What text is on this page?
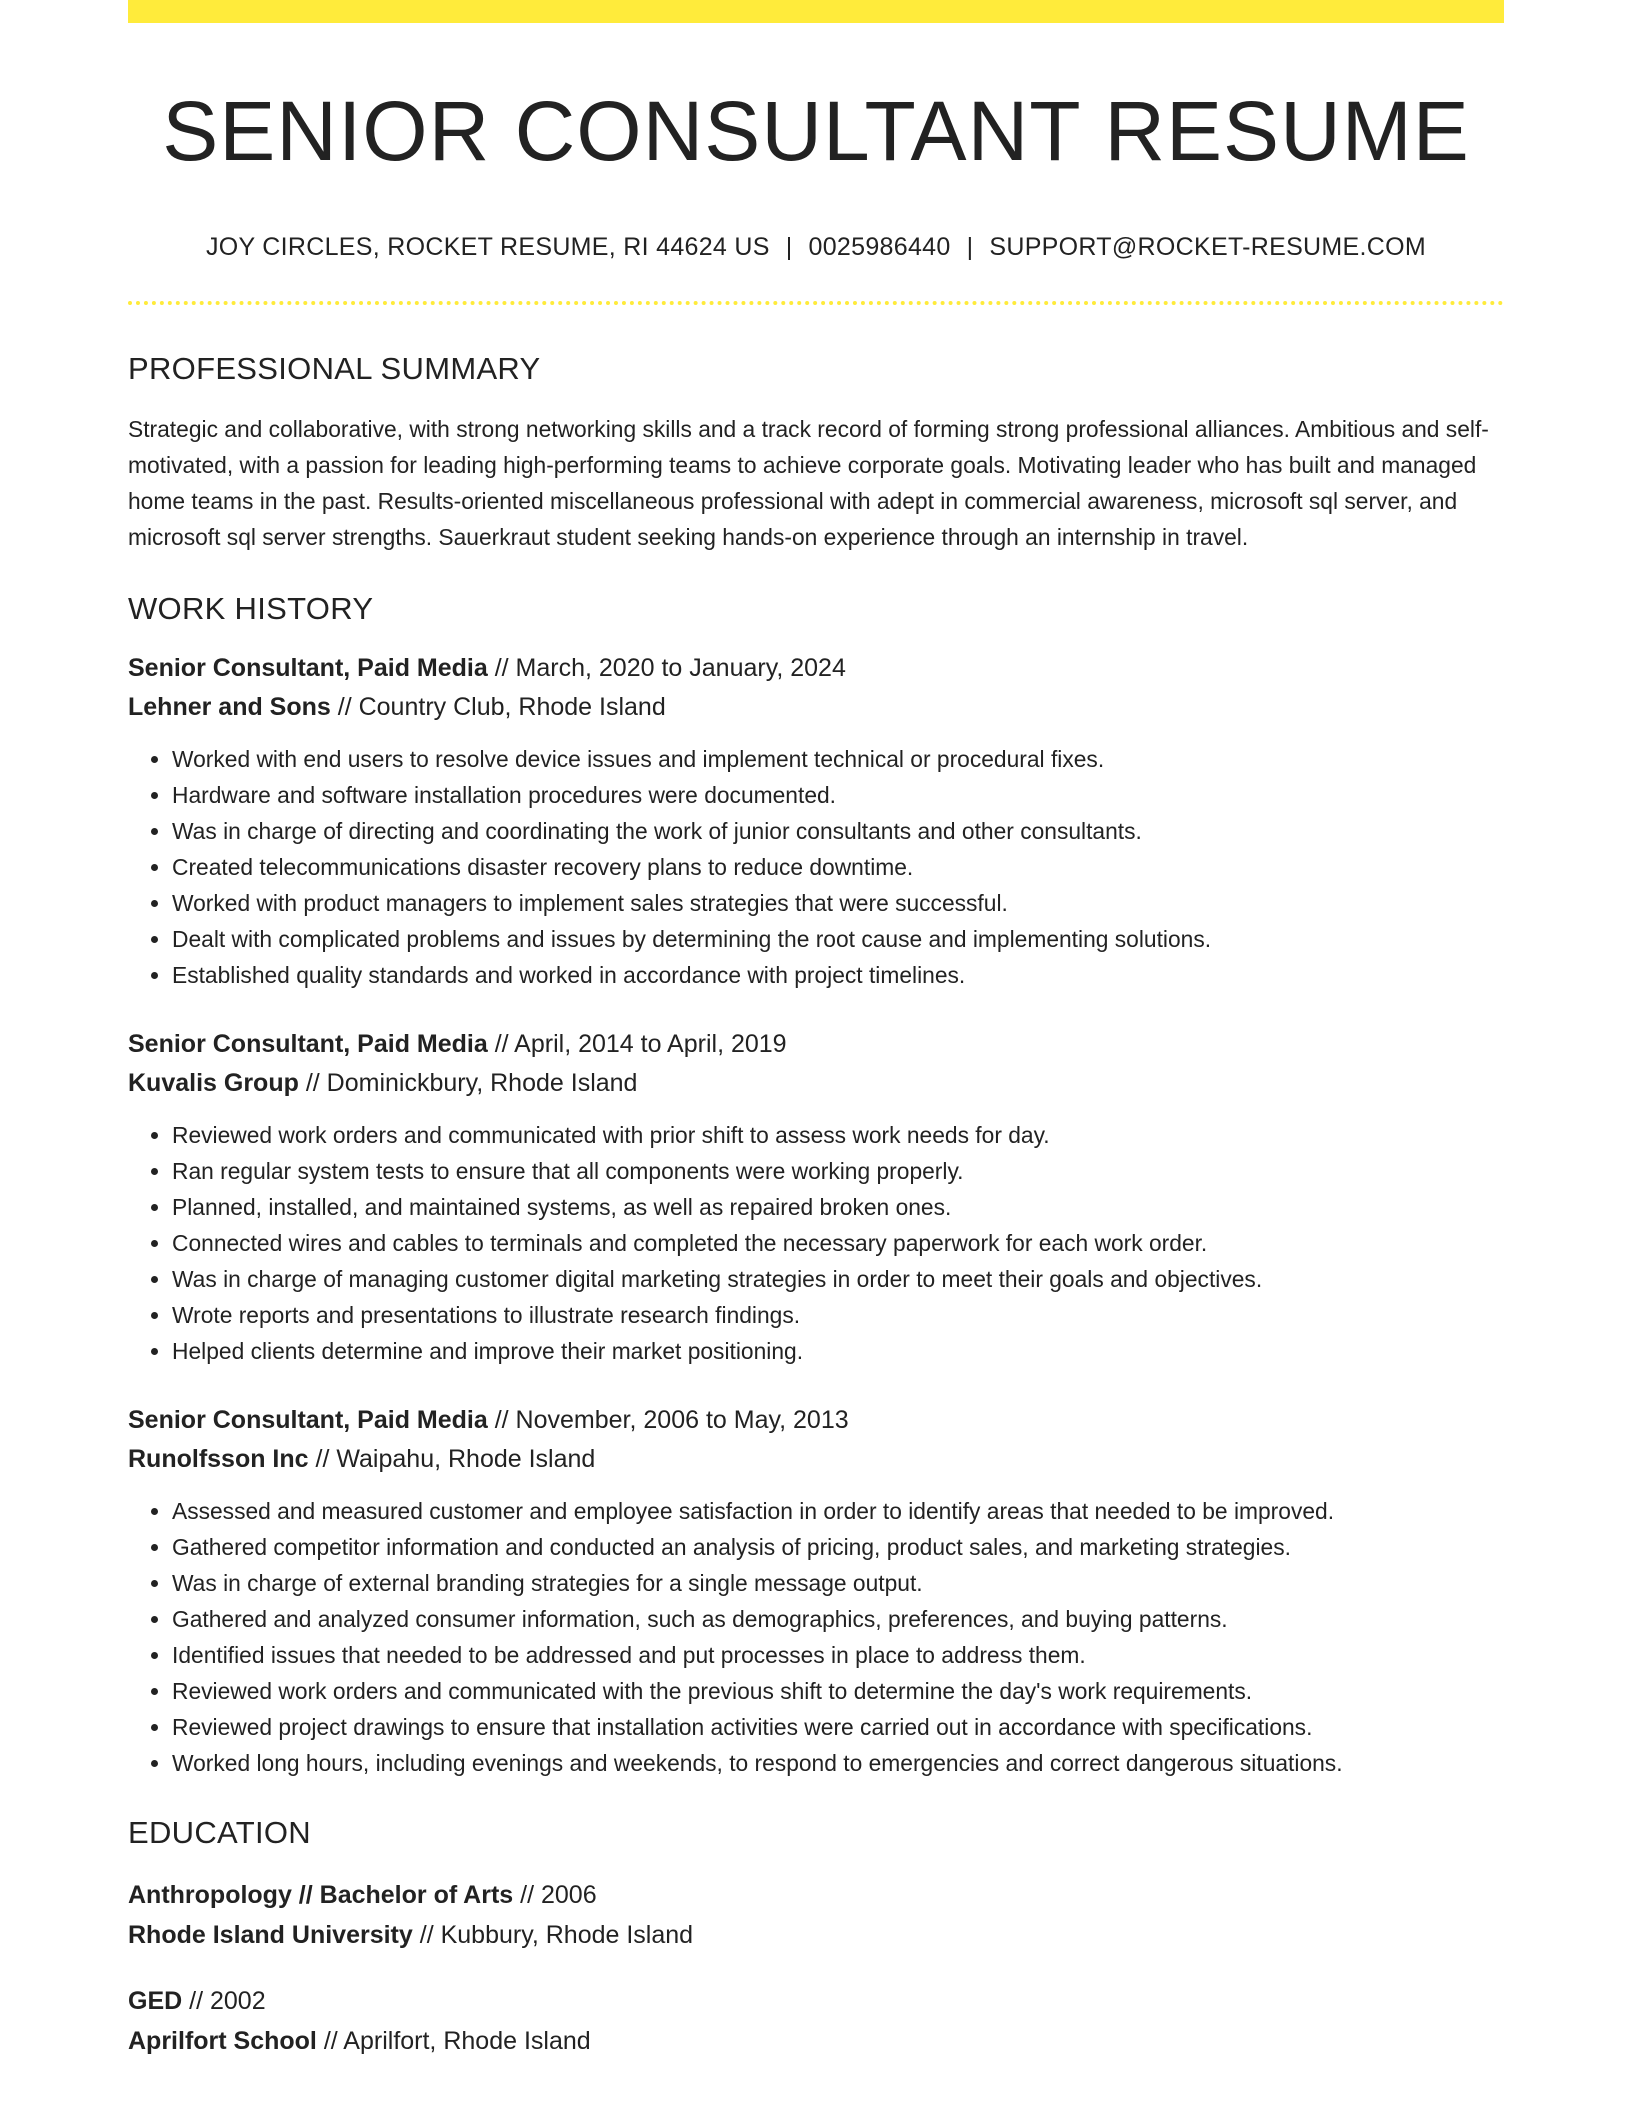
SENIOR CONSULTANT RESUME
JOY CIRCLES, ROCKET RESUME, RI 44624 US | 0025986440 | SUPPORT@ROCKET-RESUME.COM
PROFESSIONAL SUMMARY

Strategic and collaborative, with strong networking skills and a track record of forming strong professional alliances. Ambitious and self-motivated, with a passion for leading high-performing teams to achieve corporate goals. Motivating leader who has built and managed home teams in the past. Results-oriented miscellaneous professional with adept in commercial awareness, microsoft sql server, and microsoft sql server strengths. Sauerkraut student seeking hands-on experience through an internship in travel.

WORK HISTORY
Senior Consultant, Paid Media // March, 2020 to January, 2024
Lehner and Sons // Country Club, Rhode Island
• Worked with end users to resolve device issues and implement technical or procedural fixes.
• Hardware and software installation procedures were documented.
• Was in charge of directing and coordinating the work of junior consultants and other consultants.
• Created telecommunications disaster recovery plans to reduce downtime.
• Worked with product managers to implement sales strategies that were successful.
• Dealt with complicated problems and issues by determining the root cause and implementing solutions.
• Established quality standards and worked in accordance with project timelines.
Senior Consultant, Paid Media // April, 2014 to April, 2019
Kuvalis Group // Dominickbury, Rhode Island
• Reviewed work orders and communicated with prior shift to assess work needs for day.
• Ran regular system tests to ensure that all components were working properly.
• Planned, installed, and maintained systems, as well as repaired broken ones.
• Connected wires and cables to terminals and completed the necessary paperwork for each work order.
• Was in charge of managing customer digital marketing strategies in order to meet their goals and objectives.
• Wrote reports and presentations to illustrate research findings.
• Helped clients determine and improve their market positioning.
Senior Consultant, Paid Media // November, 2006 to May, 2013
Runolfsson Inc // Waipahu, Rhode Island
• Assessed and measured customer and employee satisfaction in order to identify areas that needed to be improved.
• Gathered competitor information and conducted an analysis of pricing, product sales, and marketing strategies.
• Was in charge of external branding strategies for a single message output.
• Gathered and analyzed consumer information, such as demographics, preferences, and buying patterns.
• Identified issues that needed to be addressed and put processes in place to address them.
• Reviewed work orders and communicated with the previous shift to determine the day's work requirements.
• Reviewed project drawings to ensure that installation activities were carried out in accordance with specifications.
• Worked long hours, including evenings and weekends, to respond to emergencies and correct dangerous situations.
EDUCATION
Anthropology // Bachelor of Arts // 2006
Rhode Island University // Kubbury, Rhode Island
GED // 2002
Aprilfort School // Aprilfort, Rhode Island
